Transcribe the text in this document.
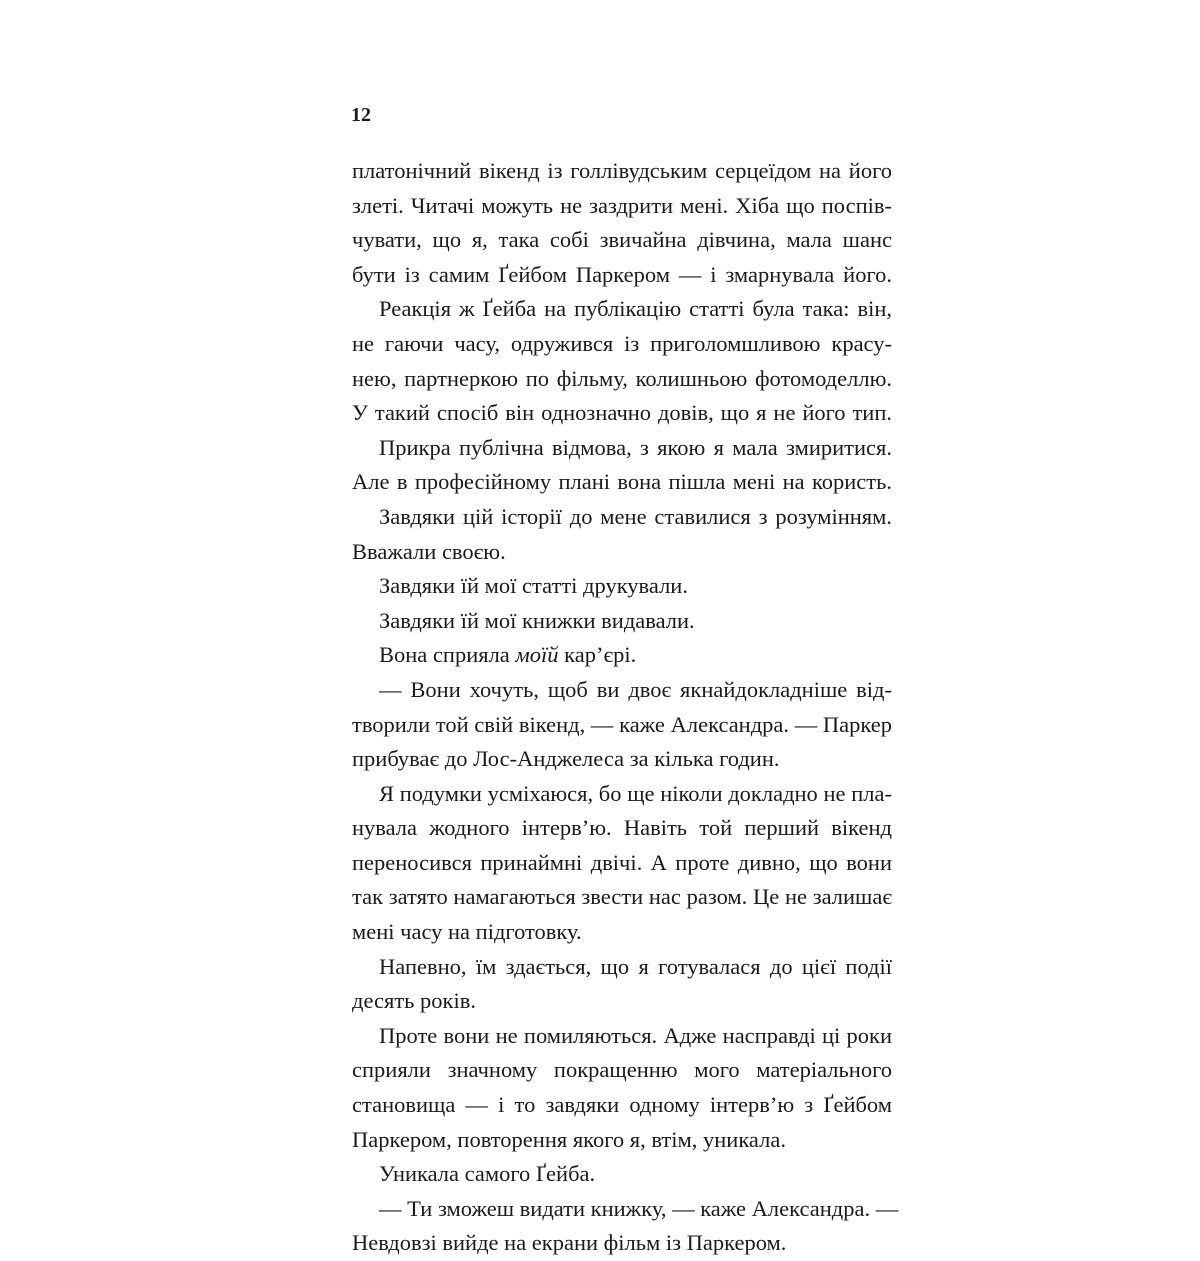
12
платонічний вікенд із голлівудським серцеїдом на його
злеті. Читачі можуть не заздрити мені. Хіба що поспів-
чувати, що я, така собі звичайна дівчина, мала шанс
бути із самим Ґейбом Паркером — і змарнувала його.
Реакція ж Ґейба на публікацію статті була така: він,
не гаючи часу, одружився із приголомшливою красу-
нею, партнеркою по фільму, колишньою фотомоделлю.
У такий спосіб він однозначно довів, що я не його тип.
Прикра публічна відмова, з якою я мала змиритися.
Але в професійному плані вона пішла мені на користь.
Завдяки цій історії до мене ставилися з розумінням.
Вважали своєю.
Завдяки їй мої статті друкували.
Завдяки їй мої книжки видавали.
Вона сприяла моїй кар’єрі.
— Вони хочуть, щоб ви двоє якнайдокладніше від-
творили той свій вікенд, — каже Александра. — Паркер
прибуває до Лос-Анджелеса за кілька годин.
Я подумки усміхаюся, бо ще ніколи докладно не пла-
нувала жодного інтерв’ю. Навіть той перший вікенд
переносився принаймні двічі. А проте дивно, що вони
так затято намагаються звести нас разом. Це не залишає
мені часу на підготовку.
Напевно, їм здається, що я готувалася до цієї події
десять років.
Проте вони не помиляються. Адже насправді ці роки
сприяли значному покращенню мого матеріального
становища — і то завдяки одному інтерв’ю з Ґейбом
Паркером, повторення якого я, втім, уникала.
Уникала самого Ґейба.
— Ти зможеш видати книжку, — каже Александра. —
Невдовзі вийде на екрани фільм із Паркером.
